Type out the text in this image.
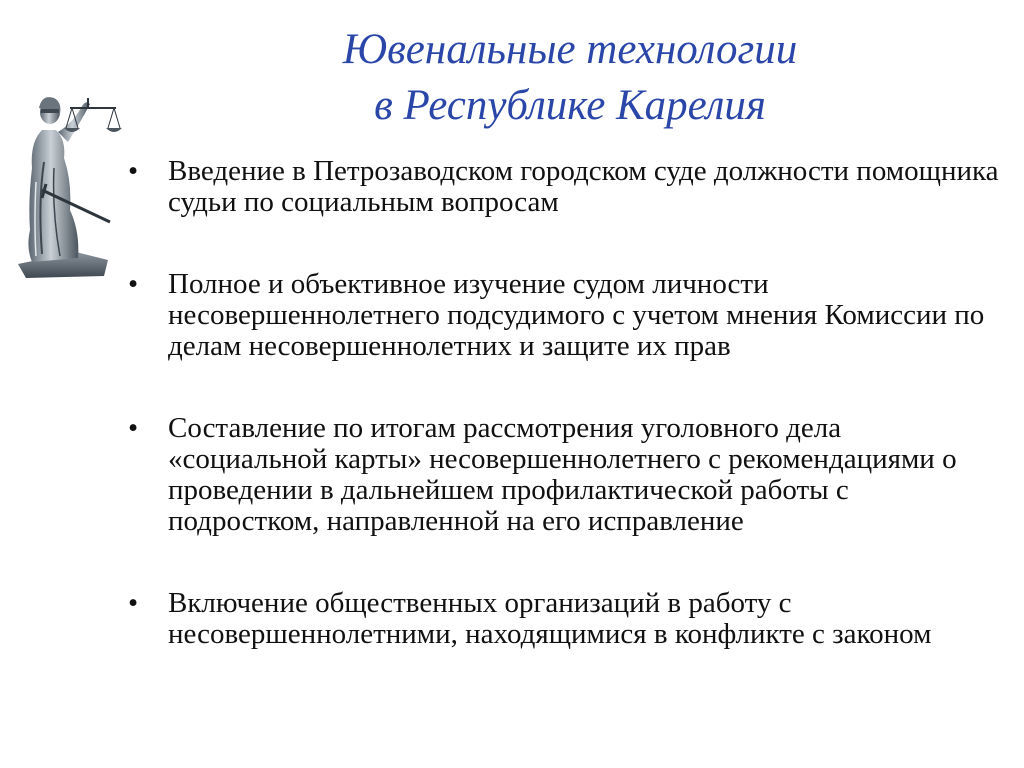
Ювенальные технологии
в Республике Карелия
• Введение в Петрозаводском городском суде должности помощника судьи по социальным вопросам
• Полное и объективное изучение судом личности несовершеннолетнего подсудимого с учетом мнения Комиссии по делам несовершеннолетних и защите их прав
• Составление по итогам рассмотрения уголовного дела «социальной карты» несовершеннолетнего с рекомендациями о проведении в дальнейшем профилактической работы с подростком, направленной на его исправление
• Включение общественных организаций в работу с несовершеннолетними, находящимися в конфликте с законом
